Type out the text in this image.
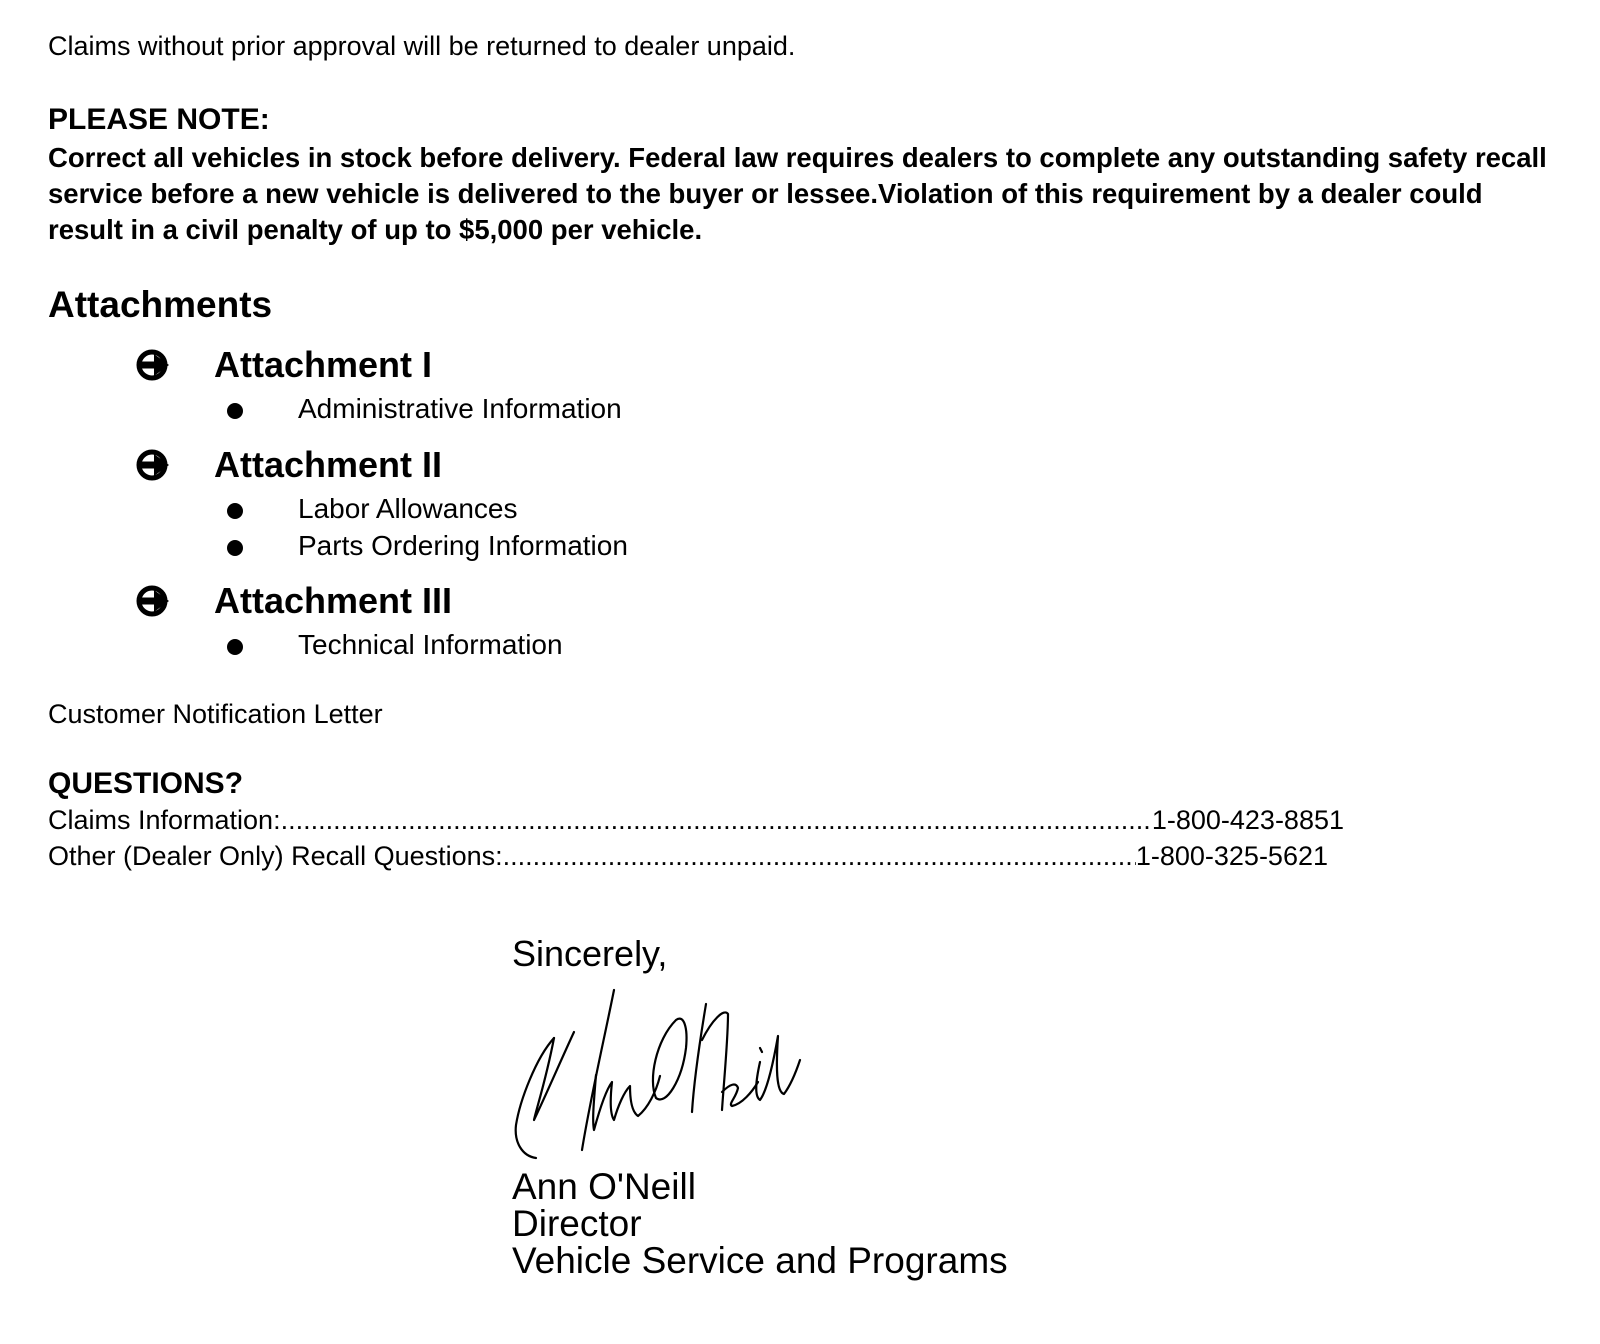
Claims without prior approval will be returned to dealer unpaid.
PLEASE NOTE:
Correct all vehicles in stock before delivery. Federal law requires dealers to complete any outstanding safety recall service before a new vehicle is delivered to the buyer or lessee.Violation of this requirement by a dealer could result in a civil penalty of up to $5,000 per vehicle.
Attachments
Attachment I
Administrative Information
Attachment II
Labor Allowances
Parts Ordering Information
Attachment III
Technical Information
Customer Notification Letter
QUESTIONS?
Claims Information: .....	1-800-423-8851
Other (Dealer Only) Recall Questions: .....	1-800-325-5621
Sincerely,
Ann O'Neill
Director
Vehicle Service and Programs
